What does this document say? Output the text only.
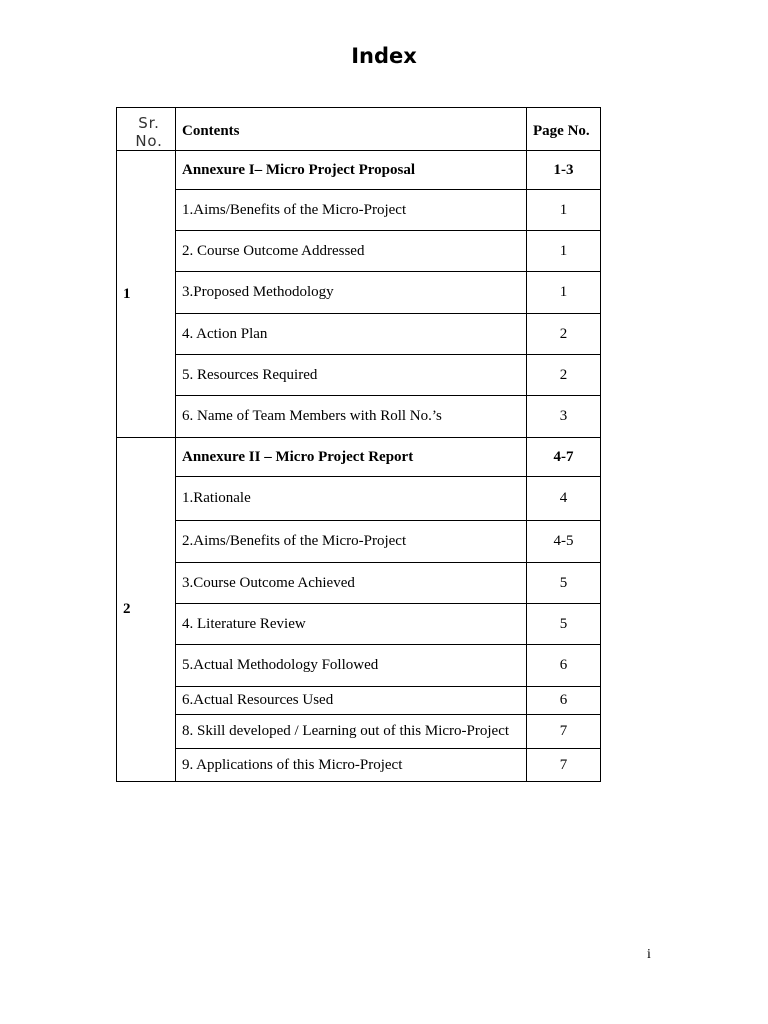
Index
Sr. No.	Contents	Page No.
1	Annexure I– Micro Project Proposal	1-3
	1.Aims/Benefits of the Micro-Project	1
	2. Course Outcome Addressed	1
	3.Proposed Methodology	1
	4. Action Plan	2
	5. Resources Required	2
	6. Name of Team Members with Roll No.’s	3
2	Annexure II – Micro Project Report	4-7
	1.Rationale	4
	2.Aims/Benefits of the Micro-Project	4-5
	3.Course Outcome Achieved	5
	4. Literature Review	5
	5.Actual Methodology Followed	6
	6.Actual Resources Used	6
	8. Skill developed / Learning out of this Micro-Project	7
	9. Applications of this Micro-Project	7
i
